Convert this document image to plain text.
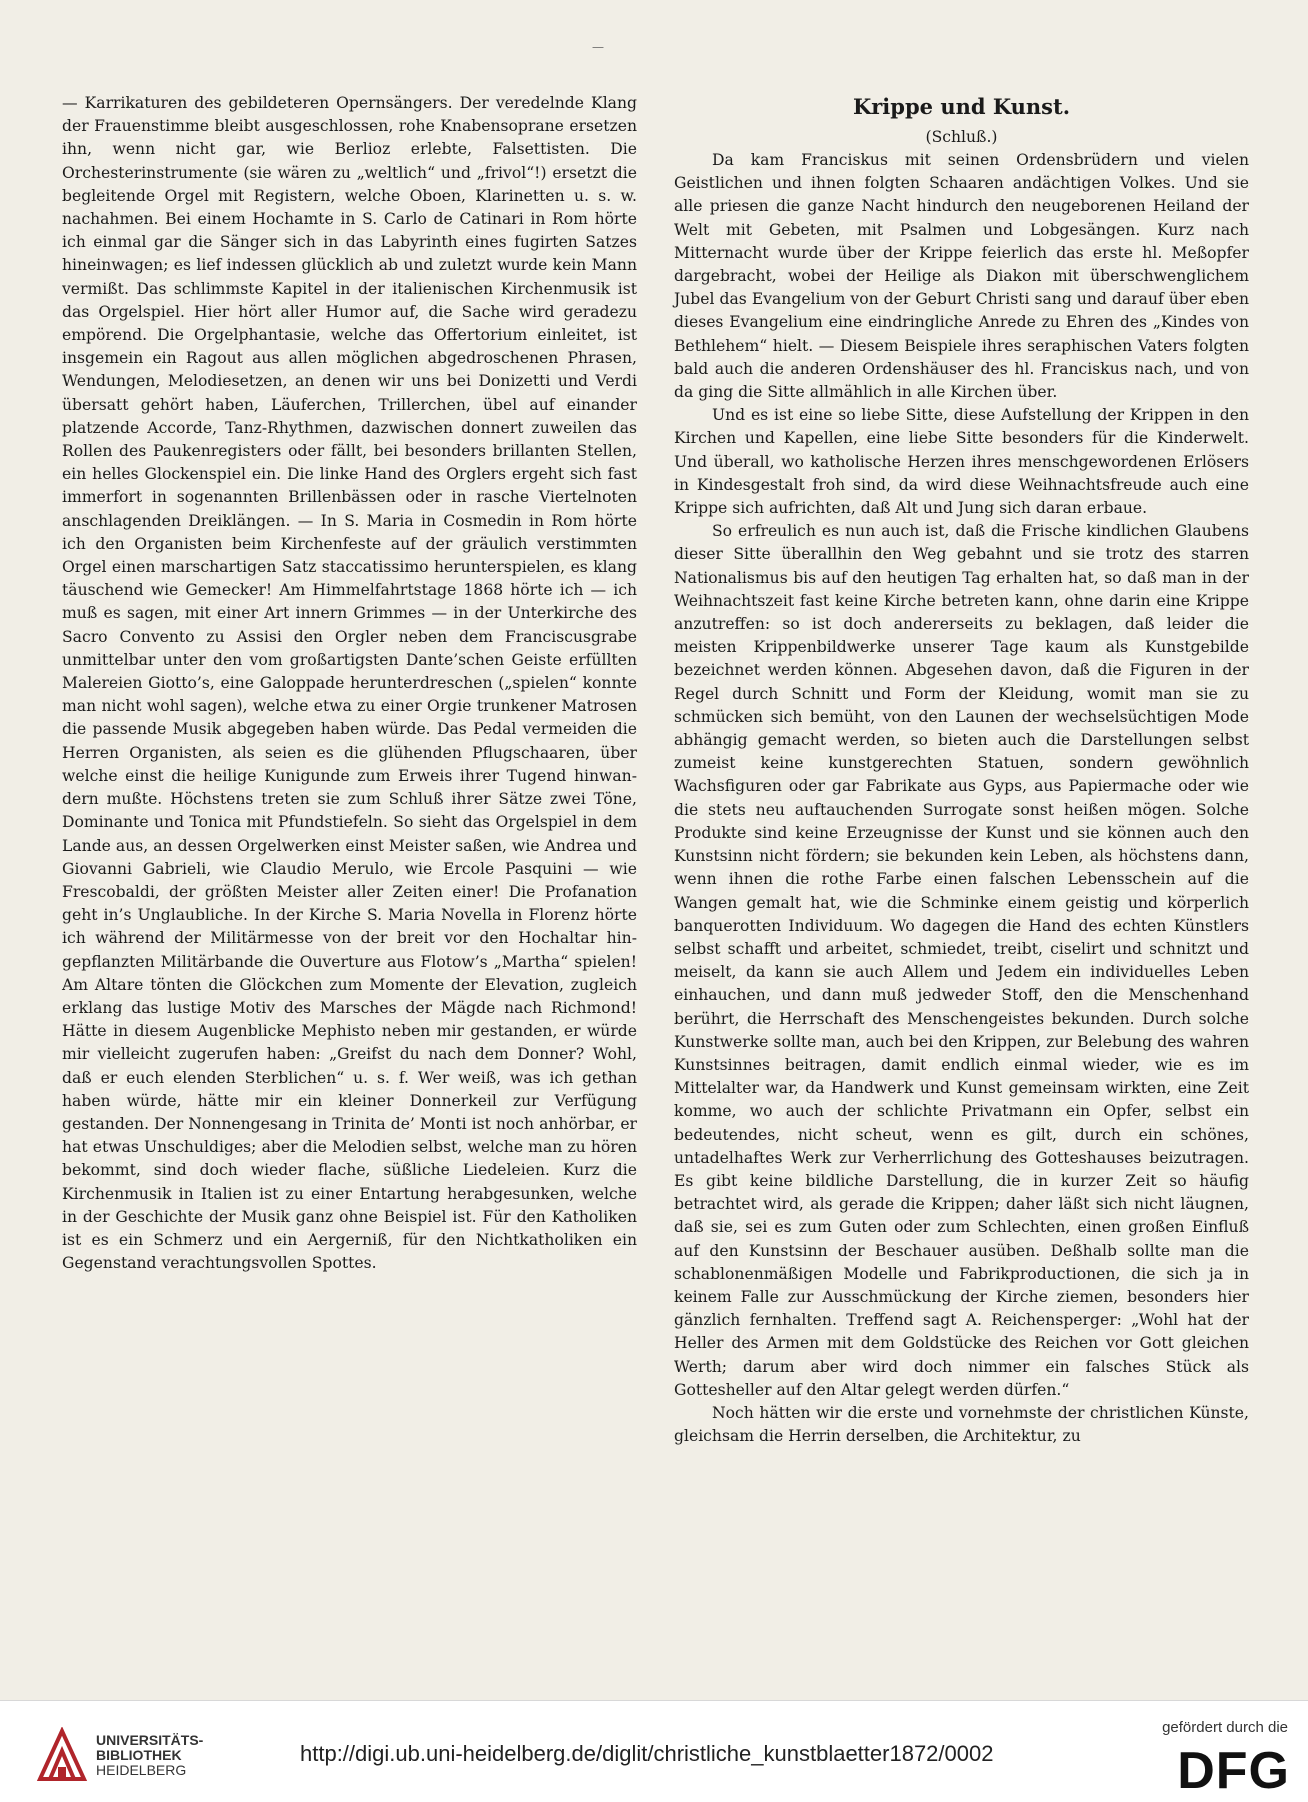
—

— Karrikaturen des gebildeteren Opernsängers. Der veredelnde Klang der Frauenstimme bleibt ausgeschlossen, rohe Knabensoprane ersetzen ihn, wenn nicht gar, wie Berlioz erlebte, Falsettisten. Die Orchesterinstrumente (sie wären zu „weltlich“ und „frivol“!) ersetzt die begleitende Orgel mit Registern, welche Oboen, Klarinetten u. s. w. nachahmen. Bei einem Hochamte in S. Carlo de Catinari in Rom hörte ich einmal gar die Sänger sich in das Labyrinth eines fugirten Satzes hineinwagen; es lief indessen glücklich ab und zuletzt wurde kein Mann vermißt. Das schlimmste Kapitel in der italienischen Kirchenmusik ist das Orgelspiel. Hier hört aller Humor auf, die Sache wird geradezu empörend. Die Orgelphantasie, welche das Offertorium einleitet, ist insgemein ein Ragout aus allen möglichen abgedroschenen Phrasen, Wendungen, Melodiesetzen, an denen wir uns bei Donizetti und Verdi übersatt gehört haben, Läuferchen, Trillerchen, übel auf einander platzende Accorde, Tanz-Rhythmen, dazwischen donnert zuweilen das Rollen des Paukenregisters oder fällt, bei besonders brillanten Stellen, ein helles Glockenspiel ein. Die linke Hand des Orglers ergeht sich fast immerfort in sogenannten Brillenbässen oder in rasche Viertelnoten anschlagenden Dreiklängen. — In S. Maria in Cosmedin in Rom hörte ich den Organisten beim Kirchenfeste auf der gräulich verstimmten Orgel einen marschartigen Satz staccatissimo herunterspielen, es klang täuschend wie Gemecker! Am Himmelfahrtstage 1868 hörte ich — ich muß es sagen, mit einer Art innern Grimmes — in der Unterkirche des Sacro Convento zu Assisi den Orgler neben dem Franciscusgrabe unmittelbar unter den vom großartigsten Dante’schen Geiste erfüllten Malereien Giotto’s, eine Galoppade herunterdreschen („spielen“ konnte man nicht wohl sagen), welche etwa zu einer Orgie trunkener Matrosen die passende Musik abgegeben haben würde. Das Pedal vermeiden die Herren Organisten, als seien es die glühenden Pflugschaaren, über welche einst die heilige Kunigunde zum Erweis ihrer Tugend hinwandern mußte. Höchstens treten sie zum Schluß ihrer Sätze zwei Töne, Dominante und Tonica mit Pfundstiefeln. So sieht das Orgelspiel in dem Lande aus, an dessen Orgelwerken einst Meister saßen, wie Andrea und Giovanni Gabrieli, wie Claudio Merulo, wie Ercole Pasquini — wie Frescobaldi, der größten Meister aller Zeiten einer! Die Profanation geht in’s Unglaubliche. In der Kirche S. Maria Novella in Florenz hörte ich während der Militärmesse von der breit vor den Hochaltar hingepflanzten Militärbande die Ouverture aus Flotow’s „Martha“ spielen! Am Altare tönten die Glöckchen zum Momente der Elevation, zugleich erklang das lustige Motiv des Marsches der Mägde nach Richmond! Hätte in diesem Augenblicke Mephisto neben mir gestanden, er würde mir vielleicht zugerufen haben: „Greifst du nach dem Donner? Wohl, daß er euch elenden Sterblichen“ u. s. f. Wer weiß, was ich gethan haben würde, hätte mir ein kleiner Donnerkeil zur Verfügung gestanden. Der Nonnengesang in Trinita de’ Monti ist noch anhörbar, er hat etwas Unschuldiges; aber die Melodien selbst, welche man zu hören bekommt, sind doch wieder flache, süßliche Liedeleien. Kurz die Kirchenmusik in Italien ist zu einer Entartung herabgesunken, welche in der Geschichte der Musik ganz ohne Beispiel ist. Für den Katholiken ist es ein Schmerz und ein Aergerniß, für den Nichtkatholiken ein Gegenstand verachtungsvollen Spottes.

Krippe und Kunst.
(Schluß.)

Da kam Franciskus mit seinen Ordensbrüdern und vielen Geistlichen und ihnen folgten Schaaren andächtigen Volkes. Und sie alle priesen die ganze Nacht hindurch den neugeborenen Heiland der Welt mit Gebeten, mit Psalmen und Lobgesängen. Kurz nach Mitternacht wurde über der Krippe feierlich das erste hl. Meßopfer dargebracht, wobei der Heilige als Diakon mit überschwenglichem Jubel das Evangelium von der Geburt Christi sang und darauf über eben dieses Evangelium eine eindringliche Anrede zu Ehren des „Kindes von Bethlehem“ hielt. — Diesem Beispiele ihres seraphischen Vaters folgten bald auch die anderen Ordenshäuser des hl. Franciskus nach, und von da ging die Sitte allmählich in alle Kirchen über.

Und es ist eine so liebe Sitte, diese Aufstellung der Krippen in den Kirchen und Kapellen, eine liebe Sitte besonders für die Kinderwelt. Und überall, wo katholische Herzen ihres menschgewordenen Erlösers in Kindesgestalt froh sind, da wird diese Weihnachtsfreude auch eine Krippe sich aufrichten, daß Alt und Jung sich daran erbaue.

So erfreulich es nun auch ist, daß die Frische kindlichen Glaubens dieser Sitte überallhin den Weg gebahnt und sie trotz des starren Nationalismus bis auf den heutigen Tag erhalten hat, so daß man in der Weihnachtszeit fast keine Kirche betreten kann, ohne darin eine Krippe anzutreffen: so ist doch andererseits zu beklagen, daß leider die meisten Krippenbildwerke unserer Tage kaum als Kunstgebilde bezeichnet werden können. Abgesehen davon, daß die Figuren in der Regel durch Schnitt und Form der Kleidung, womit man sie zu schmücken sich bemüht, von den Launen der wechselsüchtigen Mode abhängig gemacht werden, so bieten auch die Darstellungen selbst zumeist keine kunstgerechten Statuen, sondern gewöhnlich Wachsfiguren oder gar Fabrikate aus Gyps, aus Papiermache oder wie die stets neu auftauchenden Surrogate sonst heißen mögen. Solche Produkte sind keine Erzeugnisse der Kunst und sie können auch den Kunstsinn nicht fördern; sie bekunden kein Leben, als höchstens dann, wenn ihnen die rothe Farbe einen falschen Lebensschein auf die Wangen gemalt hat, wie die Schminke einem geistig und körperlich banquerotten Individuum. Wo dagegen die Hand des echten Künstlers selbst schafft und arbeitet, schmiedet, treibt, ciselirt und schnitzt und meiselt, da kann sie auch Allem und Jedem ein individuelles Leben einhauchen, und dann muß jedweder Stoff, den die Menschenhand berührt, die Herrschaft des Menschengeistes bekunden. Durch solche Kunstwerke sollte man, auch bei den Krippen, zur Belebung des wahren Kunstsinnes beitragen, damit endlich einmal wieder, wie es im Mittelalter war, da Handwerk und Kunst gemeinsam wirkten, eine Zeit komme, wo auch der schlichte Privatmann ein Opfer, selbst ein bedeutendes, nicht scheut, wenn es gilt, durch ein schönes, untadelhaftes Werk zur Verherrlichung des Gotteshauses beizutragen. Es gibt keine bildliche Darstellung, die in kurzer Zeit so häufig betrachtet wird, als gerade die Krippen; daher läßt sich nicht läugnen, daß sie, sei es zum Guten oder zum Schlechten, einen großen Einfluß auf den Kunstsinn der Beschauer ausüben. Deßhalb sollte man die schablonenmäßigen Modelle und Fabrikproductionen, die sich ja in keinem Falle zur Ausschmückung der Kirche ziemen, besonders hier gänzlich fernhalten. Treffend sagt A. Reichensperger: „Wohl hat der Heller des Armen mit dem Goldstücke des Reichen vor Gott gleichen Werth; darum aber wird doch nimmer ein falsches Stück als Gottesheller auf den Altar gelegt werden dürfen.“

Noch hätten wir die erste und vornehmste der christlichen Künste, gleichsam die Herrin derselben, die Architektur, zu

UNIVERSITÄTS-
BIBLIOTHEK
HEIDELBERG
http://digi.ub.uni-heidelberg.de/diglit/christliche_kunstblaetter1872/0002
gefördert durch die
DFG
